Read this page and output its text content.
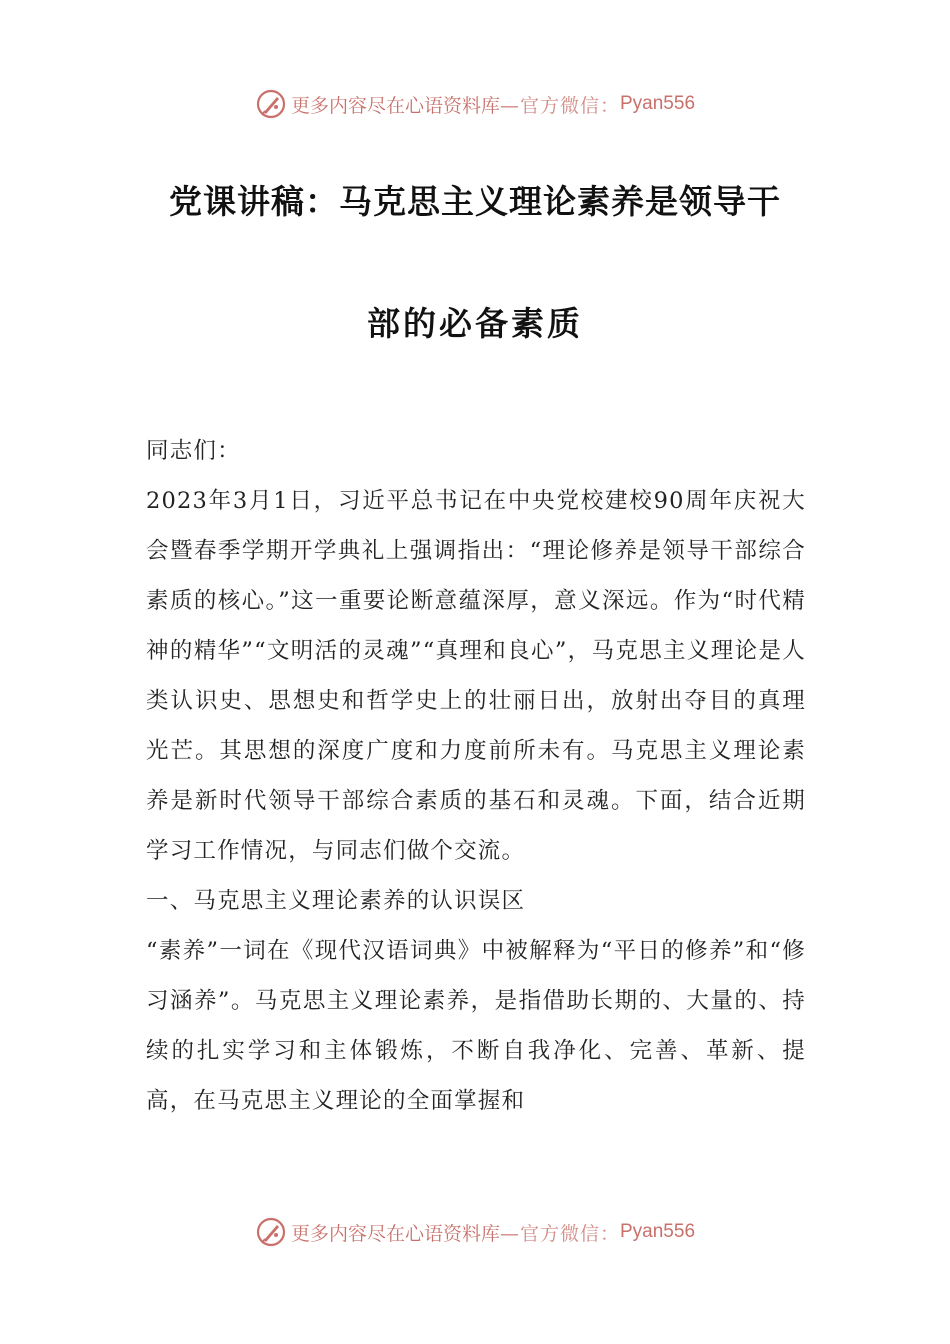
更多内容尽在心语资料库 —官方微信： Pyan556
党课讲稿：马克思主义理论素养是领导干
部的必备素质

同志们：

2023年3月1日，习近平总书记在中央党校建校90周年庆祝大会暨春季学期开学典礼上强调指出：“理论修养是领导干部综合素质的核心。”这一重要论断意蕴深厚，意义深远。作为“时代精神的精华”“文明活的灵魂”“真理和良心”，马克思主义理论是人类认识史、思想史和哲学史上的壮丽日出，放射出夺目的真理光芒。其思想的深度广度和力度前所未有。马克思主义理论素养是新时代领导干部综合素质的基石和灵魂。下面，结合近期学习工作情况，与同志们做个交流。

一、马克思主义理论素养的认识误区

“素养”一词在《现代汉语词典》中被解释为“平日的修养”和“修习涵养”。马克思主义理论素养，是指借助长期的、大量的、持续的扎实学习和主体锻炼，不断自我净化、完善、革新、提高，在马克思主义理论的全面掌握和

更多内容尽在心语资料库 —官方微信： Pyan556
